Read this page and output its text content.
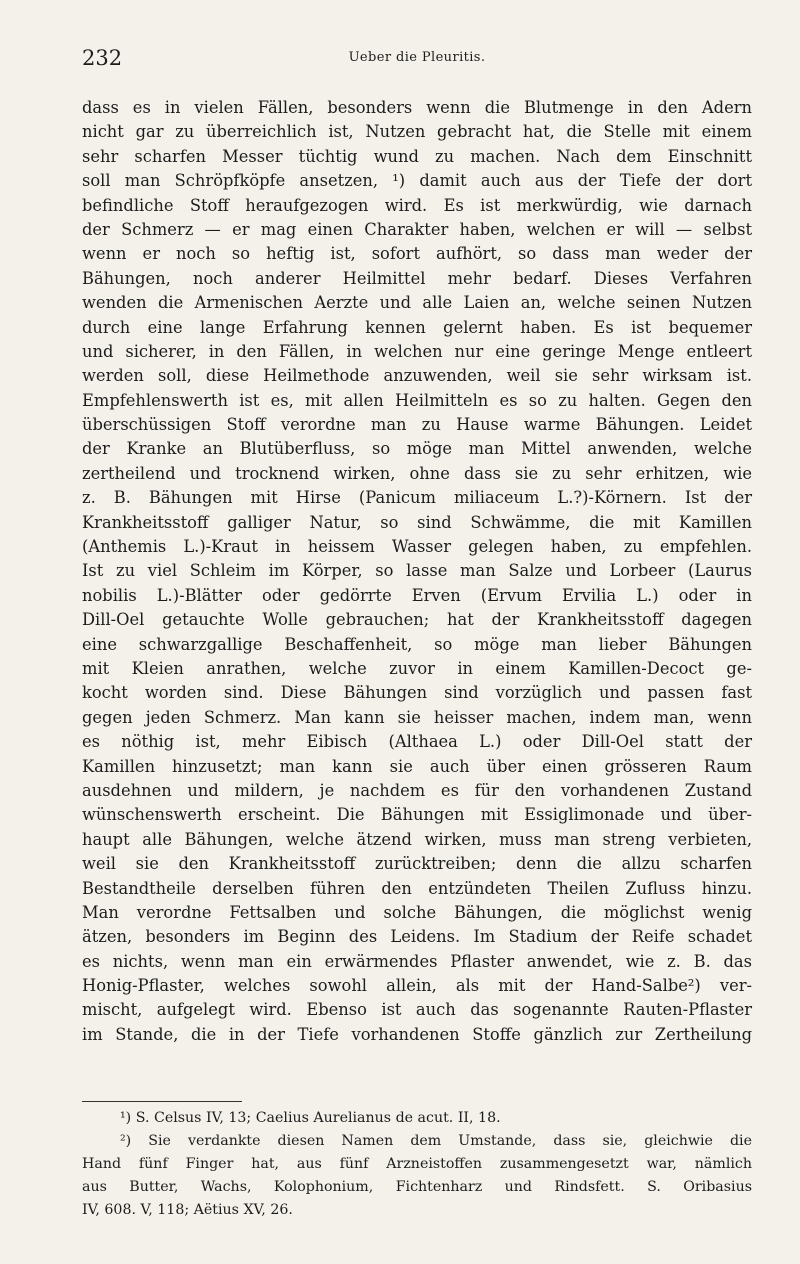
232	Ueber die Pleuritis.
dass es in vielen Fällen, besonders wenn die Blutmenge in den Adern
nicht gar zu überreichlich ist, Nutzen gebracht hat, die Stelle mit einem
sehr scharfen Messer tüchtig wund zu machen. Nach dem Einschnitt
soll man Schröpfköpfe ansetzen, ¹) damit auch aus der Tiefe der dort
befindliche Stoff heraufgezogen wird. Es ist merkwürdig, wie darnach
der Schmerz — er mag einen Charakter haben, welchen er will — selbst
wenn er noch so heftig ist, sofort aufhört, so dass man weder der
Bähungen, noch anderer Heilmittel mehr bedarf. Dieses Verfahren
wenden die Armenischen Aerzte und alle Laien an, welche seinen Nutzen
durch eine lange Erfahrung kennen gelernt haben. Es ist bequemer
und sicherer, in den Fällen, in welchen nur eine geringe Menge entleert
werden soll, diese Heilmethode anzuwenden, weil sie sehr wirksam ist.
Empfehlenswerth ist es, mit allen Heilmitteln es so zu halten. Gegen den
überschüssigen Stoff verordne man zu Hause warme Bähungen. Leidet
der Kranke an Blutüberfluss, so möge man Mittel anwenden, welche
zertheilend und trocknend wirken, ohne dass sie zu sehr erhitzen, wie
z. B. Bähungen mit Hirse (Panicum miliaceum L.?)-Körnern. Ist der
Krankheitsstoff galliger Natur, so sind Schwämme, die mit Kamillen
(Anthemis L.)-Kraut in heissem Wasser gelegen haben, zu empfehlen.
Ist zu viel Schleim im Körper, so lasse man Salze und Lorbeer (Laurus
nobilis L.)-Blätter oder gedörrte Erven (Ervum Ervilia L.) oder in
Dill-Oel getauchte Wolle gebrauchen; hat der Krankheitsstoff dagegen
eine schwarzgallige Beschaffenheit, so möge man lieber Bähungen
mit Kleien anrathen, welche zuvor in einem Kamillen-Decoct ge-
kocht worden sind. Diese Bähungen sind vorzüglich und passen fast
gegen jeden Schmerz. Man kann sie heisser machen, indem man, wenn
es nöthig ist, mehr Eibisch (Althaea L.) oder Dill-Oel statt der
Kamillen hinzusetzt; man kann sie auch über einen grösseren Raum
ausdehnen und mildern, je nachdem es für den vorhandenen Zustand
wünschenswerth erscheint. Die Bähungen mit Essiglimonade und über-
haupt alle Bähungen, welche ätzend wirken, muss man streng verbieten,
weil sie den Krankheitsstoff zurücktreiben; denn die allzu scharfen
Bestandtheile derselben führen den entzündeten Theilen Zufluss hinzu.
Man verordne Fettsalben und solche Bähungen, die möglichst wenig
ätzen, besonders im Beginn des Leidens. Im Stadium der Reife schadet
es nichts, wenn man ein erwärmendes Pflaster anwendet, wie z. B. das
Honig-Pflaster, welches sowohl allein, als mit der Hand-Salbe²) ver-
mischt, aufgelegt wird. Ebenso ist auch das sogenannte Rauten-Pflaster
im Stande, die in der Tiefe vorhandenen Stoffe gänzlich zur Zertheilung
¹) S. Celsus IV, 13; Caelius Aurelianus de acut. II, 18.
²) Sie verdankte diesen Namen dem Umstande, dass sie, gleichwie die
Hand fünf Finger hat, aus fünf Arzneistoffen zusammengesetzt war, nämlich
aus Butter, Wachs, Kolophonium, Fichtenharz und Rindsfett. S. Oribasius
IV, 608. V, 118; Aëtius XV, 26.
